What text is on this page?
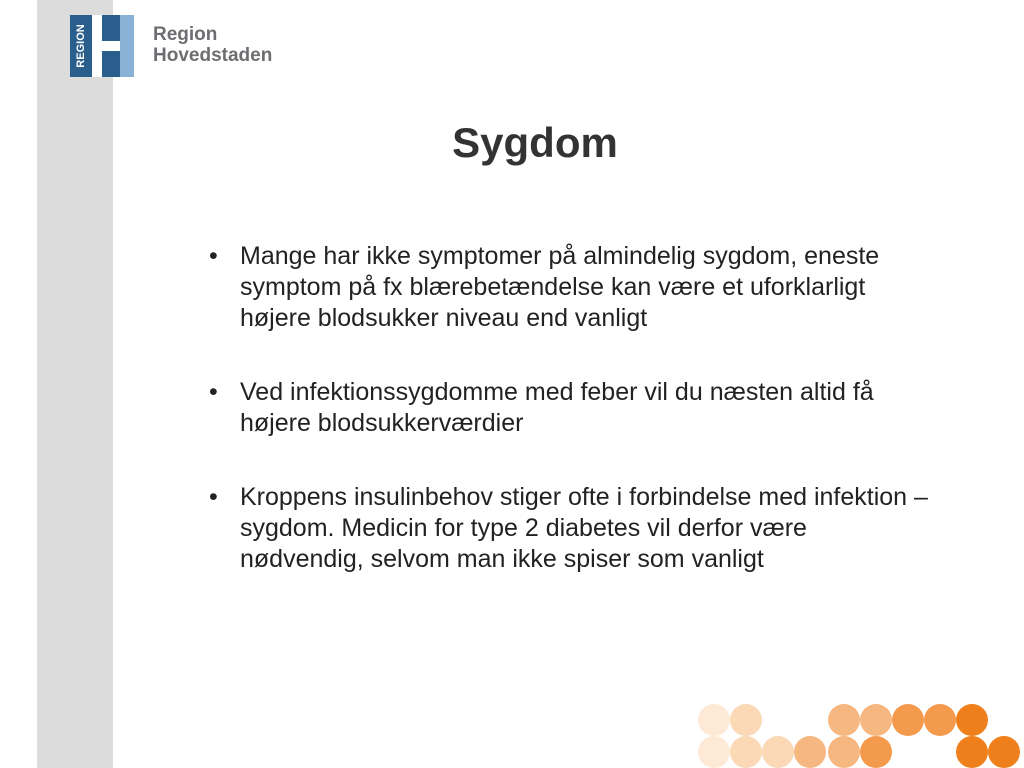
REGION	Region
Hovedstaden
Sygdom
• Mange har ikke symptomer på almindelig sygdom, eneste symptom på fx blærebetændelse kan være et uforklarligt højere blodsukker niveau end vanligt
• Ved infektionssygdomme med feber vil du næsten altid få højere blodsukkerværdier
• Kroppens insulinbehov stiger ofte i forbindelse med infektion – sygdom. Medicin for type 2 diabetes vil derfor være nødvendig, selvom man ikke spiser som vanligt
